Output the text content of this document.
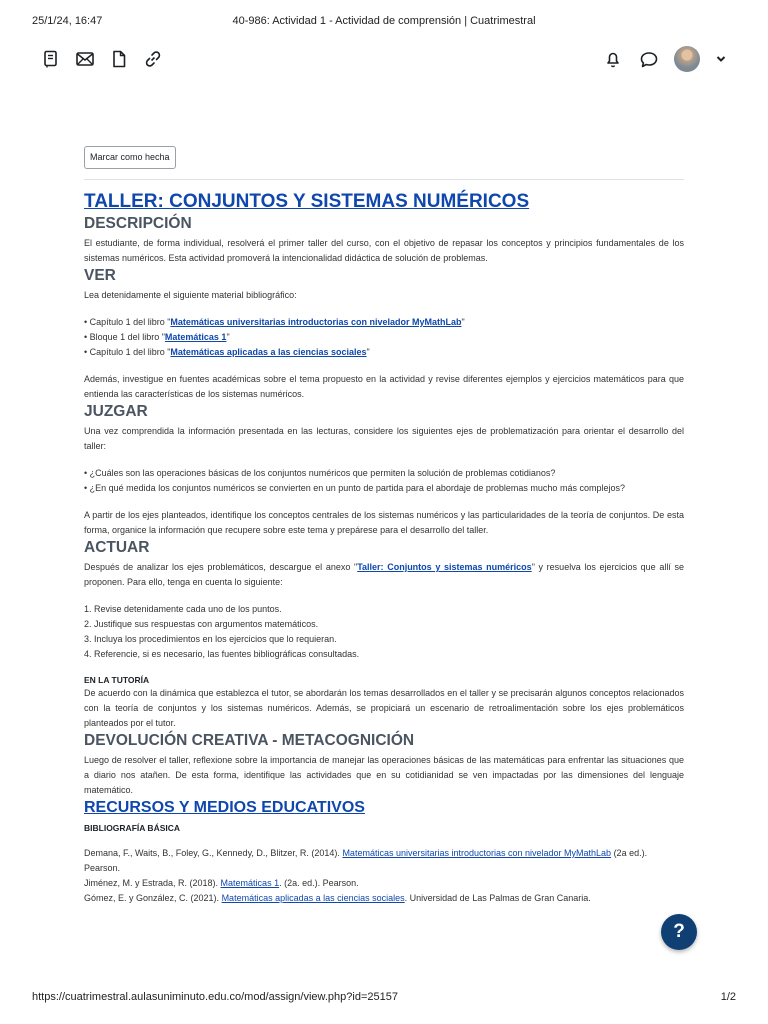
25/1/24, 16:47	40-986: Actividad 1 - Actividad de comprensión | Cuatrimestral
Marcar como hecha
TALLER: CONJUNTOS Y SISTEMAS NUMÉRICOS
DESCRIPCIÓN

El estudiante, de forma individual, resolverá el primer taller del curso, con el objetivo de repasar los conceptos y principios fundamentales de los sistemas numéricos. Esta actividad promoverá la intencionalidad didáctica de solución de problemas.

VER

Lea detenidamente el siguiente material bibliográfico:

• Capítulo 1 del libro "Matemáticas universitarias introductorias con nivelador MyMathLab"

• Bloque 1 del libro "Matemáticas 1"

• Capítulo 1 del libro "Matemáticas aplicadas a las ciencias sociales"

Además, investigue en fuentes académicas sobre el tema propuesto en la actividad y revise diferentes ejemplos y ejercicios matemáticos para que entienda las características de los sistemas numéricos.

JUZGAR

Una vez comprendida la información presentada en las lecturas, considere los siguientes ejes de problematización para orientar el desarrollo del taller:

• ¿Cuáles son las operaciones básicas de los conjuntos numéricos que permiten la solución de problemas cotidianos?

• ¿En qué medida los conjuntos numéricos se convierten en un punto de partida para el abordaje de problemas mucho más complejos?

A partir de los ejes planteados, identifique los conceptos centrales de los sistemas numéricos y las particularidades de la teoría de conjuntos. De esta forma, organice la información que recupere sobre este tema y prepárese para el desarrollo del taller.

ACTUAR

Después de analizar los ejes problemáticos, descargue el anexo "Taller: Conjuntos y sistemas numéricos" y resuelva los ejercicios que allí se proponen. Para ello, tenga en cuenta lo siguiente:

1. Revise detenidamente cada uno de los puntos.

2. Justifique sus respuestas con argumentos matemáticos.

3. Incluya los procedimientos en los ejercicios que lo requieran.

4. Referencie, si es necesario, las fuentes bibliográficas consultadas.

EN LA TUTORÍA

De acuerdo con la dinámica que establezca el tutor, se abordarán los temas desarrollados en el taller y se precisarán algunos conceptos relacionados con la teoría de conjuntos y los sistemas numéricos. Además, se propiciará un escenario de retroalimentación sobre los ejes problemáticos planteados por el tutor.

DEVOLUCIÓN CREATIVA - METACOGNICIÓN

Luego de resolver el taller, reflexione sobre la importancia de manejar las operaciones básicas de las matemáticas para enfrentar las situaciones que a diario nos atañen. De esta forma, identifique las actividades que en su cotidianidad se ven impactadas por las dimensiones del lenguaje matemático.

RECURSOS Y MEDIOS EDUCATIVOS

BIBLIOGRAFÍA BÁSICA

Demana, F., Waits, B., Foley, G., Kennedy, D., Blitzer, R. (2014). Matemáticas universitarias introductorias con nivelador MyMathLab (2a ed.). Pearson.

Jiménez, M. y Estrada, R. (2018). Matemáticas 1. (2a. ed.). Pearson.

Gómez, E. y González, C. (2021). Matemáticas aplicadas a las ciencias sociales. Universidad de Las Palmas de Gran Canaria.

?
https://cuatrimestral.aulasuniminuto.edu.co/mod/assign/view.php?id=25157	1/2
